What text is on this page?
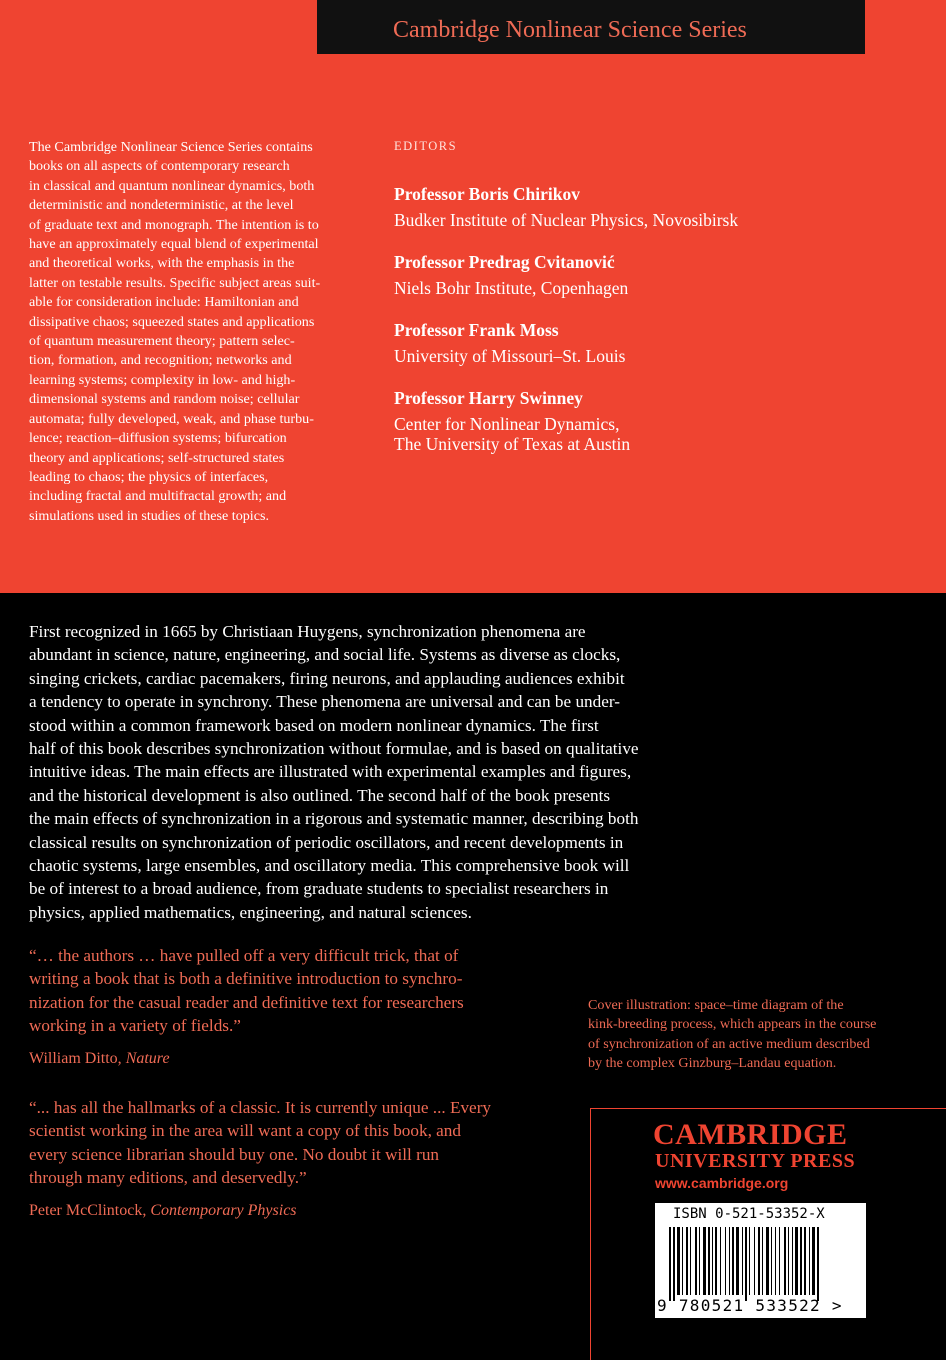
Cambridge Nonlinear Science Series
The Cambridge Nonlinear Science Series contains
books on all aspects of contemporary research
in classical and quantum nonlinear dynamics, both
deterministic and nondeterministic, at the level
of graduate text and monograph. The intention is to
have an approximately equal blend of experimental
and theoretical works, with the emphasis in the
latter on testable results. Specific subject areas suit-
able for consideration include: Hamiltonian and
dissipative chaos; squeezed states and applications
of quantum measurement theory; pattern selec-
tion, formation, and recognition; networks and
learning systems; complexity in low- and high-
dimensional systems and random noise; cellular
automata; fully developed, weak, and phase turbu-
lence; reaction–diffusion systems; bifurcation
theory and applications; self-structured states
leading to chaos; the physics of interfaces,
including fractal and multifractal growth; and
simulations used in studies of these topics.
EDITORS
Professor Boris Chirikov
Budker Institute of Nuclear Physics, Novosibirsk
Professor Predrag Cvitanović
Niels Bohr Institute, Copenhagen
Professor Frank Moss
University of Missouri–St. Louis
Professor Harry Swinney
Center for Nonlinear Dynamics,
The University of Texas at Austin
First recognized in 1665 by Christiaan Huygens, synchronization phenomena are
abundant in science, nature, engineering, and social life. Systems as diverse as clocks,
singing crickets, cardiac pacemakers, firing neurons, and applauding audiences exhibit
a tendency to operate in synchrony. These phenomena are universal and can be under-
stood within a common framework based on modern nonlinear dynamics. The first
half of this book describes synchronization without formulae, and is based on qualitative
intuitive ideas. The main effects are illustrated with experimental examples and figures,
and the historical development is also outlined. The second half of the book presents
the main effects of synchronization in a rigorous and systematic manner, describing both
classical results on synchronization of periodic oscillators, and recent developments in
chaotic systems, large ensembles, and oscillatory media. This comprehensive book will
be of interest to a broad audience, from graduate students to specialist researchers in
physics, applied mathematics, engineering, and natural sciences.
“… the authors … have pulled off a very difficult trick, that of
writing a book that is both a definitive introduction to synchro-
nization for the casual reader and definitive text for researchers
working in a variety of fields.”
William Ditto, Nature
“... has all the hallmarks of a classic. It is currently unique ... Every
scientist working in the area will want a copy of this book, and
every science librarian should buy one. No doubt it will run
through many editions, and deservedly.”
Peter McClintock, Contemporary Physics
Cover illustration: space–time diagram of the
kink-breeding process, which appears in the course
of synchronization of an active medium described
by the complex Ginzburg–Landau equation.
CAMBRIDGE
UNIVERSITY PRESS
www.cambridge.org
ISBN 0-521-53352-X
9 780521 533522 >
